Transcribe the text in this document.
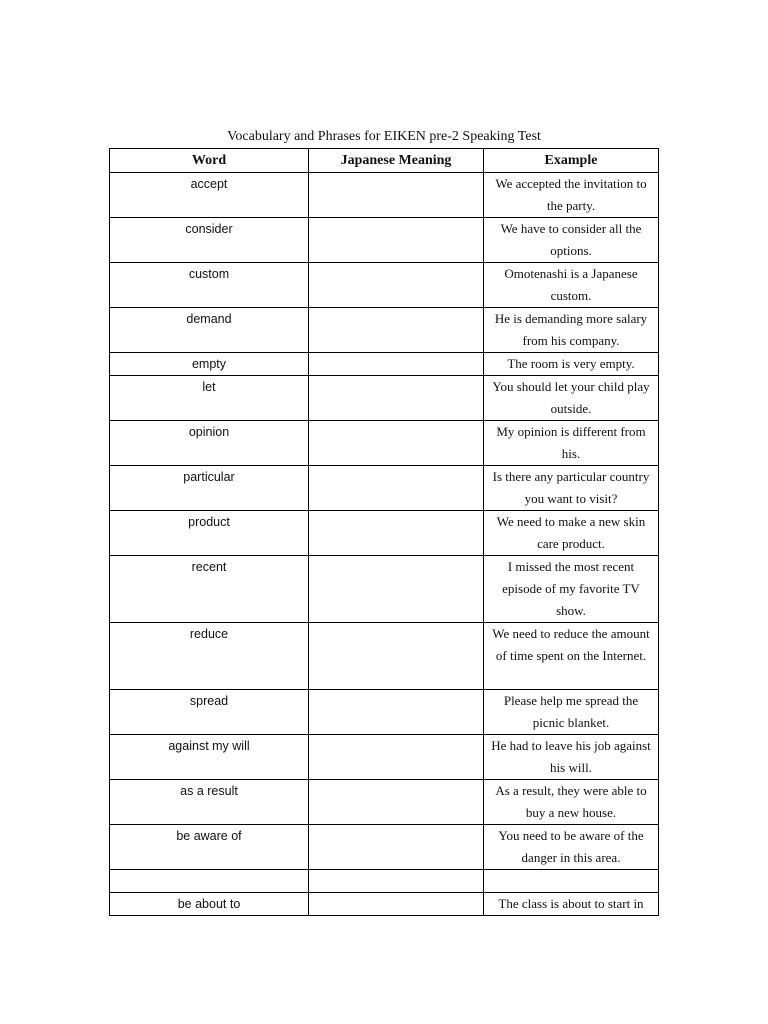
Vocabulary and Phrases for EIKEN pre-2 Speaking Test
Word	Japanese Meaning	Example
accept		We accepted the invitation to the party.
consider		We have to consider all the options.
custom		Omotenashi is a Japanese custom.
demand		He is demanding more salary from his company.
empty		The room is very empty.
let		You should let your child play outside.
opinion		My opinion is different from his.
particular		Is there any particular country you want to visit?
product		We need to make a new skin care product.
recent		I missed the most recent episode of my favorite TV show.
reduce		We need to reduce the amount of time spent on the Internet.
spread		Please help me spread the picnic blanket.
against my will		He had to leave his job against his will.
as a result		As a result, they were able to buy a new house.
be aware of		You need to be aware of the danger in this area.

be about to		The class is about to start in
